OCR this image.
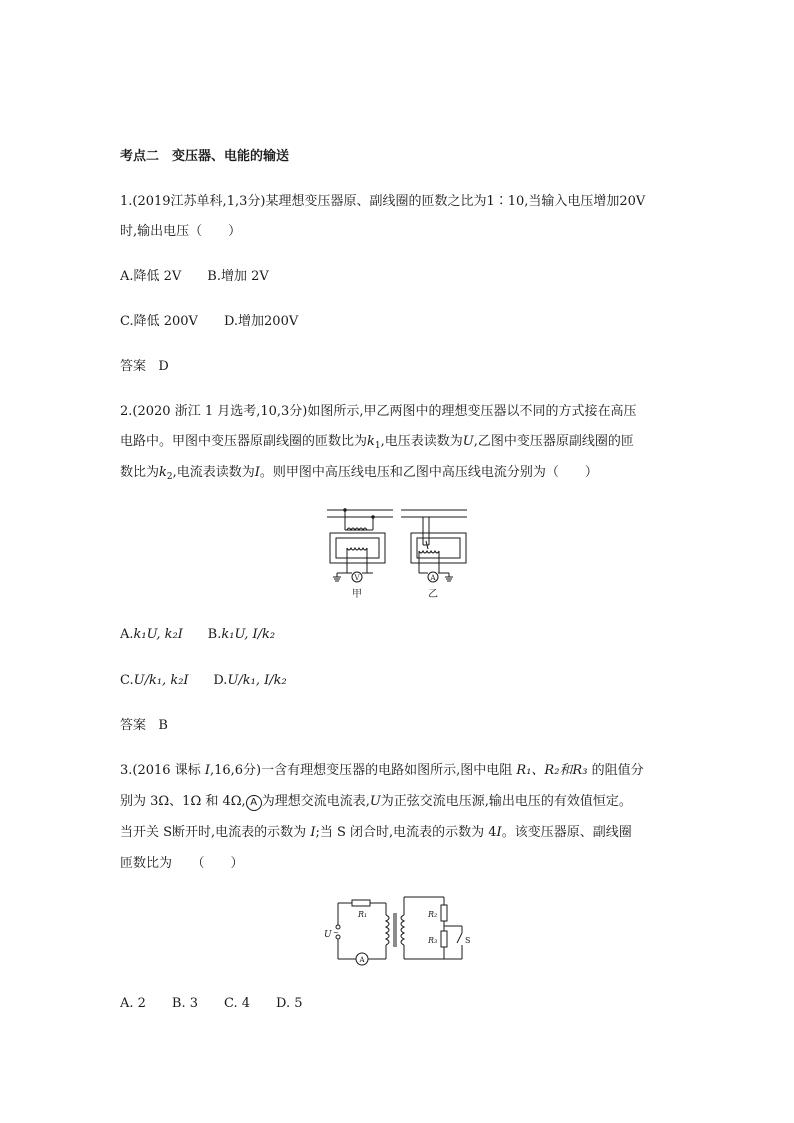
考点二　变压器、电能的输送
1.(2019江苏单科,1,3分)某理想变压器原、副线圈的匝数之比为1∶10,当输入电压增加20V
时,输出电压（　　）
A.降低 2V　　B.增加 2V
C.降低 200V　　D.增加200V
答案 D
2.(2020 浙江 1 月选考,10,3分)如图所示,甲乙两图中的理想变压器以不同的方式接在高压
电路中。甲图中变压器原副线圈的匝数比为$k_1$,电压表读数为U,乙图中变压器原副线圈的匝
数比为$k_2$,电流表读数为I。则甲图中高压线电压和乙图中高压线电流分别为（　　）
V	A
甲	乙
A.k₁U, k₂I B.k₁U, I/k₂
C.U/k₁, k₂I D.U/k₁, I/k₂
答案 B
3.(2016 课标 Ⅰ,16,6分)一含有理想变压器的电路如图所示,图中电阻 R₁、R₂和R₃ 的阻值分
别为 3Ω、1Ω 和 4Ω, A 为理想交流电流表,U为正弦交流电压源,输出电压的有效值恒定。
当开关 S断开时,电流表的示数为 I;当 S 闭合时,电流表的示数为 4I。该变压器原、副线圈
匝数比为　　（　　）
U ~
R₁	R₂
R₃	S
A
A. 2　　B. 3　　C. 4　　D. 5
